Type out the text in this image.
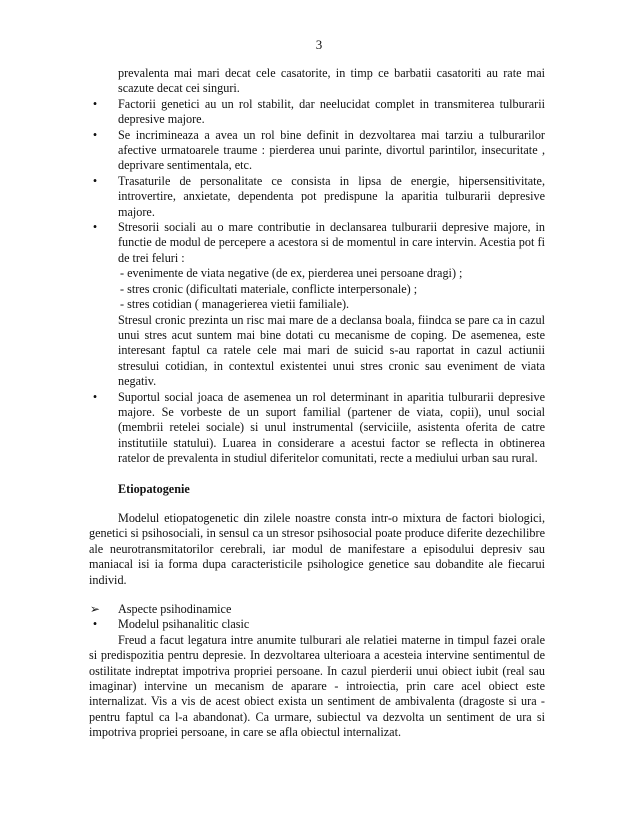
3

prevalenta mai mari decat cele casatorite, in timp ce barbatii casatoriti au rate mai scazute decat cei singuri.

•	Factorii genetici au un rol stabilit, dar neelucidat complet in transmiterea tulburarii depresive majore.
•	Se incrimineaza a avea un rol bine definit in dezvoltarea mai tarziu a tulburarilor afective urmatoarele traume : pierderea unui parinte, divortul parintilor, insecuritate , deprivare sentimentala, etc.
•	Trasaturile de personalitate ce consista in lipsa de energie, hipersensitivitate, introvertire, anxietate, dependenta pot predispune la aparitia tulburarii depresive majore.
•	Stresorii sociali au o mare contributie in declansarea tulburarii depresive majore, in functie de modul de percepere a acestora si de momentul in care intervin. Acestia pot fi de trei feluri :

- evenimente de viata negative (de ex, pierderea unei persoane dragi) ;

- stres cronic (dificultati materiale, conflicte interpersonale) ;

- stres cotidian ( managerierea vietii familiale).

Stresul cronic prezinta un risc mai mare de a declansa boala, fiindca se pare ca in cazul unui stres acut suntem mai bine dotati cu mecanisme de coping. De asemenea, este interesant faptul ca ratele cele mai mari de suicid s-au raportat in cazul actiunii stresului cotidian, in contextul existentei unui stres cronic sau eveniment de viata negativ.

•	Suportul social joaca de asemenea un rol determinant in aparitia tulburarii depresive majore. Se vorbeste de un suport familial (partener de viata, copii), unul social (membrii retelei sociale) si unul instrumental (serviciile, asistenta oferita de catre institutiile statului). Luarea in considerare a acestui factor se reflecta in obtinerea ratelor de prevalenta in studiul diferitelor comunitati, recte a mediului urban sau rural.

Etiopatogenie

Modelul etiopatogenetic din zilele noastre consta intr-o mixtura de factori biologici, genetici si psihosociali, in sensul ca un stresor psihosocial poate produce diferite dezechilibre ale neurotransmitatorilor cerebrali, iar modul de manifestare a episodului depresiv sau maniacal isi ia forma dupa caracteristicile psihologice genetice sau dobandite ale fiecarui individ.

➢ Aspecte psihodinamice
•	Modelul psihanalitic clasic

Freud a facut legatura intre anumite tulburari ale relatiei materne in timpul fazei orale si predispozitia pentru depresie. In dezvoltarea ulterioara a acesteia intervine sentimentul de ostilitate indreptat impotriva propriei persoane. In cazul pierderii unui obiect iubit (real sau imaginar) intervine un mecanism de aparare - introiectia, prin care acel obiect este internalizat. Vis a vis de acest obiect exista un sentiment de ambivalenta (dragoste si ura - pentru faptul ca l-a abandonat). Ca urmare, subiectul va dezvolta un sentiment de ura si impotriva propriei persoane, in care se afla obiectul internalizat.
